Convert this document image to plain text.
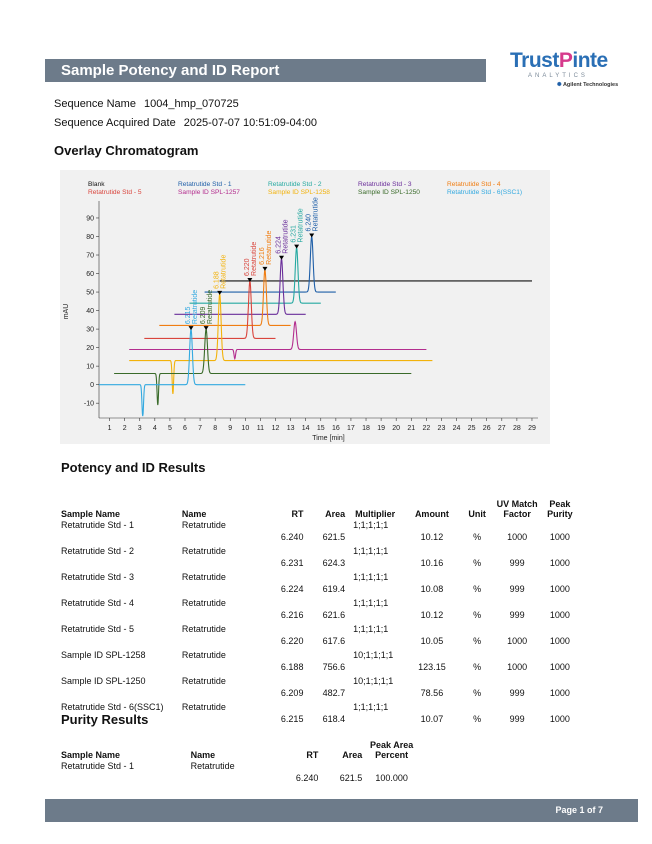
Sample Potency and ID Report	TrustPinte
ANALYTICS
✺ Agilent Technologies
Sequence Name 1004_hmp_070725
Sequence Acquired Date 2025-07-07 10:51:09-04:00
Overlay Chromatogram
1 2 3 4 5 6 7 8 9 10 11 12 13 14 15 16 17 18 19 20 21 22 23 24 25 26 27 28 29
Time [min]
90
80
70
60
50
40
30
20
10
0
-10
mAU
Blank	Retatrutide Std - 1	Retatrutide Std - 2	Retatrutide Std - 3	Retatrutide Std - 4
Retatrutide Std - 5	Sample ID SPL-1257	Sample ID SPL-1258	Sample ID SPL-1250	Retatrutide Std - 6(SSC1)
6.215 Retatrutide 6.209 Retatrutide
6.188 Retatrutide 6.220 Retatrutide 6.216 Retatrutide 6.224 Retatrutide 6.231 Retatrutide 6.240 Retatrutide
Potency and ID Results
Sample Name	Name	RT	Area	Multiplier	Amount	Unit	UV Match Factor	Peak Purity
Retatrutide Std - 1	Retatrutide	6.240	621.5	1;1;1;1;1	10.12	%	1000	1000
Retatrutide Std - 2	Retatrutide	6.231	624.3	1;1;1;1;1	10.16	%	999	1000
Retatrutide Std - 3	Retatrutide	6.224	619.4	1;1;1;1;1	10.08	%	999	1000
Retatrutide Std - 4	Retatrutide	6.216	621.6	1;1;1;1;1	10.12	%	999	1000
Retatrutide Std - 5	Retatrutide	6.220	617.6	1;1;1;1;1	10.05	%	1000	1000
Sample ID SPL-1258	Retatrutide	6.188	756.6	10;1;1;1;1	123.15	%	1000	1000
Sample ID SPL-1250	Retatrutide	6.209	482.7	10;1;1;1;1	78.56	%	999	1000
Retatrutide Std - 6(SSC1)	Retatrutide	6.215	618.4	1;1;1;1;1	10.07	%	999	1000
Purity Results
Sample Name	Name	RT	Area	Peak Area Percent
Retatrutide Std - 1	Retatrutide	6.240	621.5	100.000
Page 1 of 7
